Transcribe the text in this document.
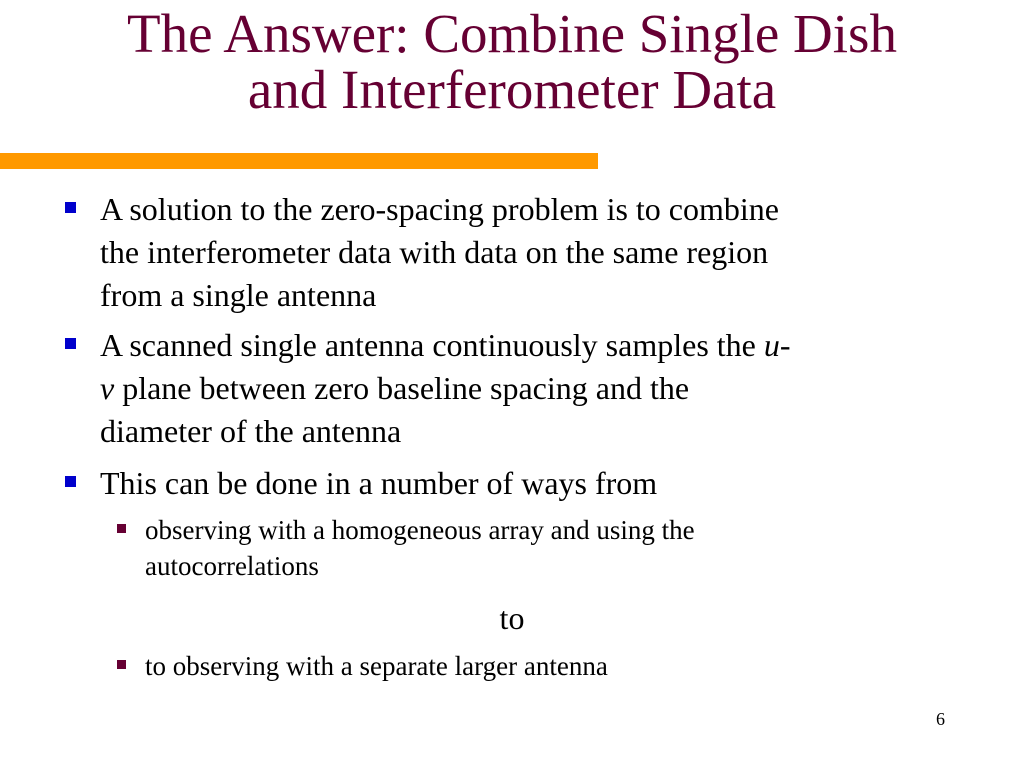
The Answer: Combine Single Dish
and Interferometer Data
A solution to the zero-spacing problem is to combine
the interferometer data with data on the same region
from a single antenna
A scanned single antenna continuously samples the u-
v plane between zero baseline spacing and the
diameter of the antenna
This can be done in a number of ways from
observing with a homogeneous array and using the
autocorrelations
to
to observing with a separate larger antenna
6
